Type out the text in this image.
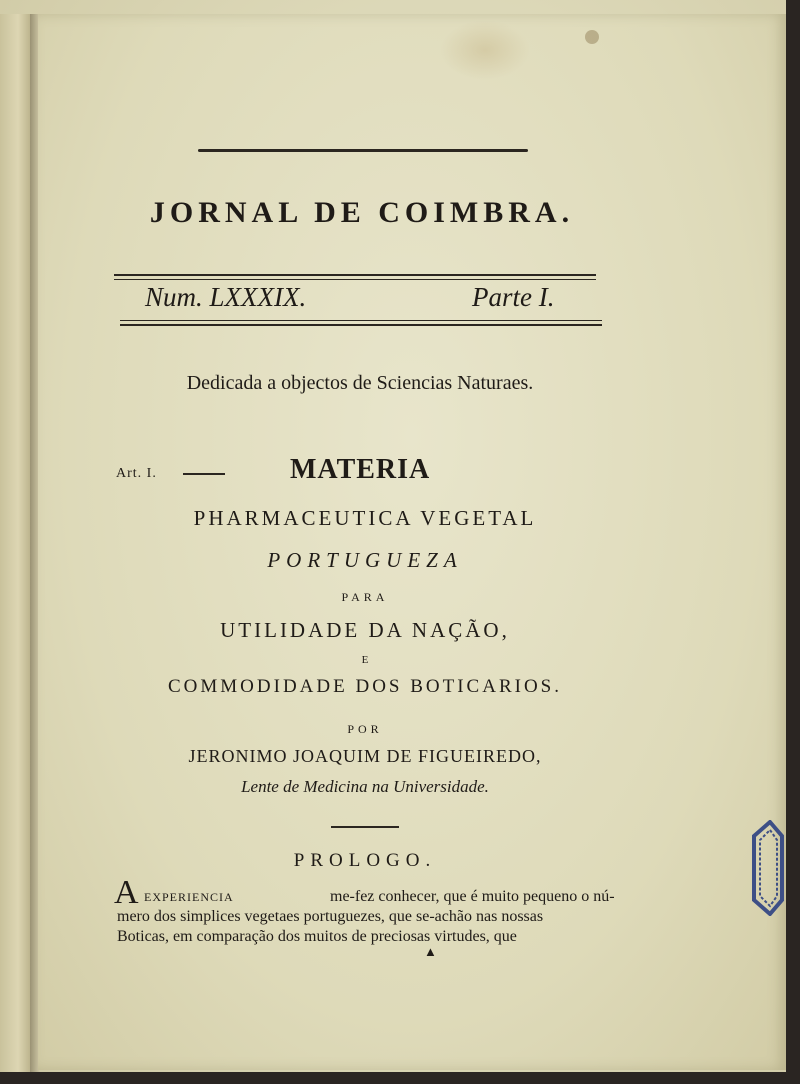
JORNAL DE COIMBRA.
Num. LXXXIX.	Parte I.
Dedicada a objectos de Sciencias Naturaes.
Art. I.	MATERIA
PHARMACEUTICA VEGETAL
PORTUGUEZA
PARA
UTILIDADE DA NAÇÃO,
E
COMMODIDADE DOS BOTICARIOS.
POR
JERONIMO JOAQUIM DE FIGUEIREDO,
Lente de Medicina na Universidade.
PROLOGO.
A EXPERIENCIA	me-fez conhecer, que é muito pequeno o nú-
mero dos simplices vegetaes portuguezes, que se-achão nas nossas
Boticas, em comparação dos muitos de preciosas virtudes, que
▲
